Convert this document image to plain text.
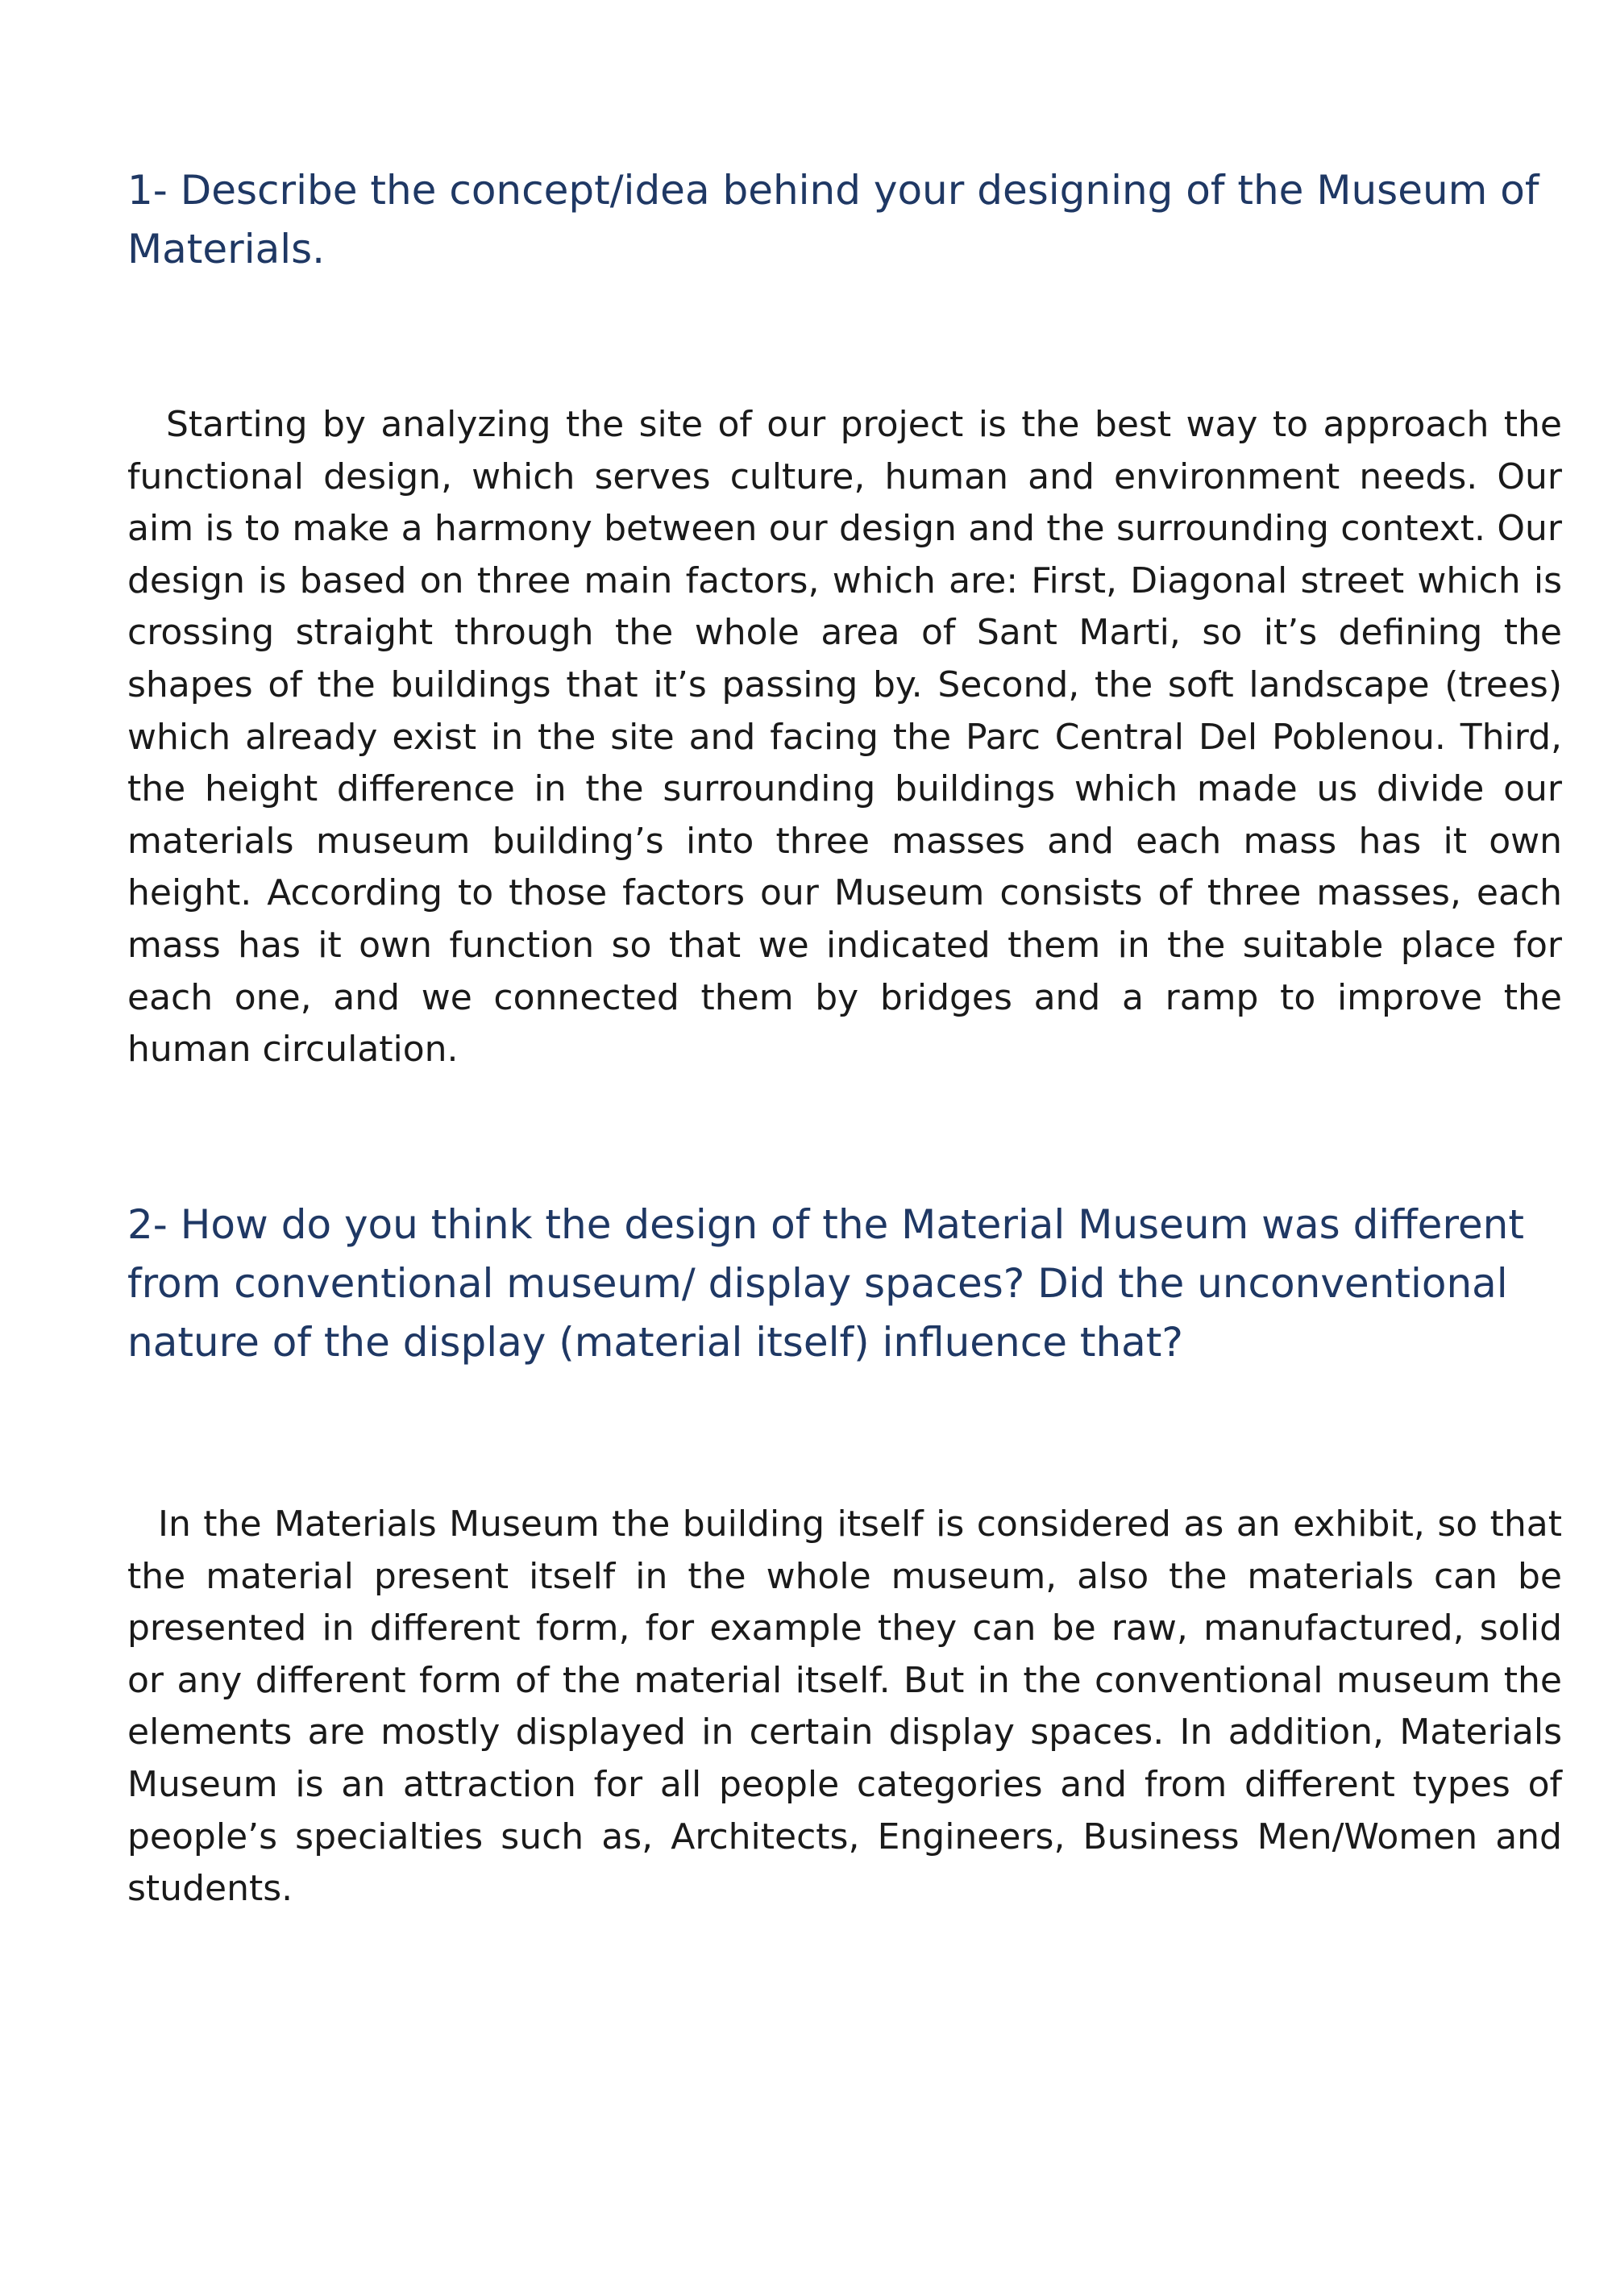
1- Describe the concept/idea behind your designing of the Museum of Materials.

Starting by analyzing the site of our project is the best way to approach the functional design, which serves culture, human and environment needs. Our aim is to make a harmony between our design and the surrounding context. Our design is based on three main factors, which are: First, Diagonal street which is crossing straight through the whole area of Sant Marti, so it’s defining the shapes of the buildings that it’s passing by. Second, the soft landscape (trees) which already exist in the site and facing the Parc Central Del Poblenou. Third, the height difference in the surrounding buildings which made us divide our materials museum building’s into three masses and each mass has it own height. According to those factors our Museum consists of three masses, each mass has it own function so that we indicated them in the suitable place for each one, and we connected them by bridges and a ramp to improve the human circulation.

2- How do you think the design of the Material Museum was different from conventional museum/ display spaces? Did the unconventional nature of the display (material itself) influence that?

In the Materials Museum the building itself is considered as an exhibit, so that the material present itself in the whole museum, also the materials can be presented in different form, for example they can be raw, manufactured, solid or any different form of the material itself. But in the conventional museum the elements are mostly displayed in certain display spaces. In addition, Materials Museum is an attraction for all people categories and from different types of people’s specialties such as, Architects, Engineers, Business Men/Women and students.
